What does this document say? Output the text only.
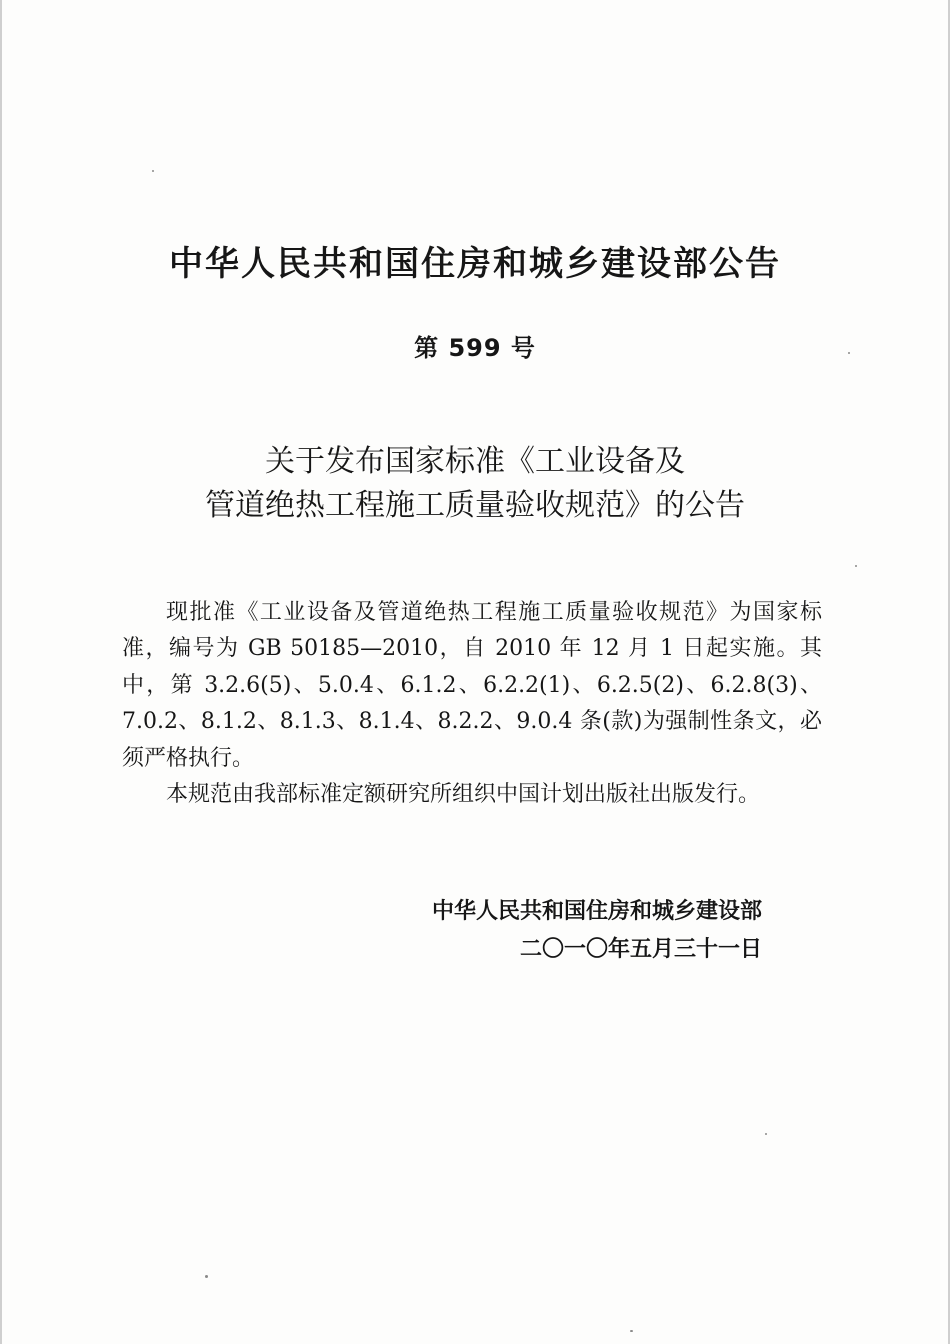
中华人民共和国住房和城乡建设部公告
第 599 号
关于发布国家标准《工业设备及
管道绝热工程施工质量验收规范》的公告

现批准《工业设备及管道绝热工程施工质量验收规范》为国家标准，编号为 GB 50185—2010，自 2010 年 12 月 1 日起实施。其中，第 3.2.6(5)、5.0.4、6.1.2、6.2.2(1)、6.2.5(2)、6.2.8(3)、7.0.2、8.1.2、8.1.3、8.1.4、8.2.2、9.0.4 条(款)为强制性条文，必须严格执行。

本规范由我部标准定额研究所组织中国计划出版社出版发行。

中华人民共和国住房和城乡建设部
二〇一〇年五月三十一日
